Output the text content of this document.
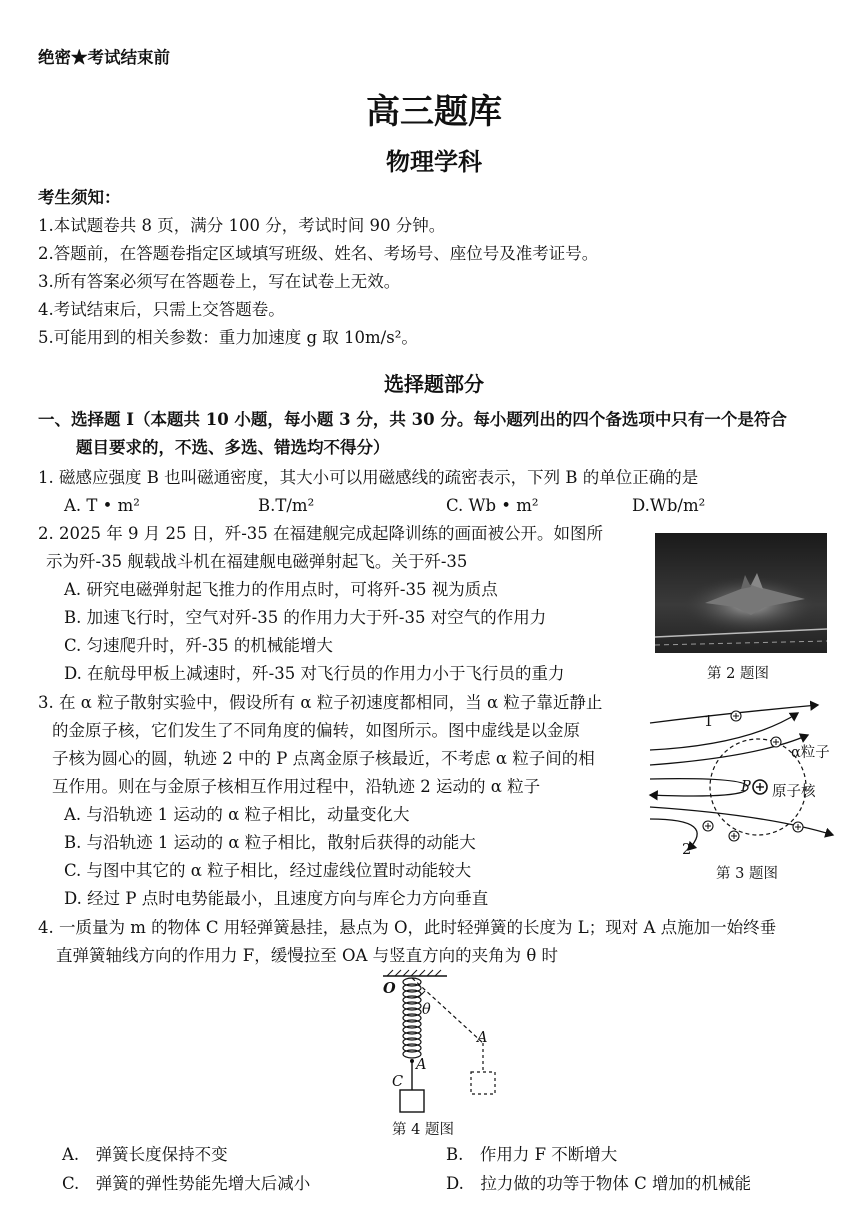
绝密★考试结束前
高三题库
物理学科
考生须知：
1.本试题卷共 8 页，满分 100 分，考试时间 90 分钟。
2.答题前，在答题卷指定区域填写班级、姓名、考场号、座位号及准考证号。
3.所有答案必须写在答题卷上，写在试卷上无效。
4.考试结束后，只需上交答题卷。
5.可能用到的相关参数：重力加速度 g 取 10m/s²。
选择题部分
一、选择题 I（本题共 10 小题，每小题 3 分，共 30 分。每小题列出的四个备选项中只有一个是符合
题目要求的，不选、多选、错选均不得分）
1. 磁感应强度 B 也叫磁通密度，其大小可以用磁感线的疏密表示，下列 B 的单位正确的是
A. T • m²	B.T/m²	C. Wb • m²	D.Wb/m²
2. 2025 年 9 月 25 日，歼-35 在福建舰完成起降训练的画面被公开。如图所
示为歼-35 舰载战斗机在福建舰电磁弹射起飞。关于歼-35
A. 研究电磁弹射起飞推力的作用点时，可将歼-35 视为质点
B. 加速飞行时，空气对歼-35 的作用力大于歼-35 对空气的作用力
C. 匀速爬升时，歼-35 的机械能增大
D. 在航母甲板上减速时，歼-35 对飞行员的作用力小于飞行员的重力	第 2 题图
3. 在 α 粒子散射实验中，假设所有 α 粒子初速度都相同，当 α 粒子靠近静止
的金原子核，它们发生了不同角度的偏转，如图所示。图中虚线是以金原
子核为圆心的圆，轨迹 2 中的 P 点离金原子核最近，不考虑 α 粒子间的相
互作用。则在与金原子核相互作用过程中，沿轨迹 2 运动的 α 粒子
A. 与沿轨迹 1 运动的 α 粒子相比，动量变化大
B. 与沿轨迹 1 运动的 α 粒子相比，散射后获得的动能大
C. 与图中其它的 α 粒子相比，经过虚线位置时动能较大
D. 经过 P 点时电势能最小，且速度方向与库仑力方向垂直
1
2
α粒子
原子核
P
第 3 题图
4. 一质量为 m 的物体 C 用轻弹簧悬挂，悬点为 O，此时轻弹簧的长度为 L；现对 A 点施加一始终垂
直弹簧轴线方向的作用力 F，缓慢拉至 OA 与竖直方向的夹角为 θ 时
O
θ
A
A
C
第 4 题图
A.　弹簧长度保持不变	B.　作用力 F 不断增大
C.　弹簧的弹性势能先增大后减小	D.　拉力做的功等于物体 C 增加的机械能
